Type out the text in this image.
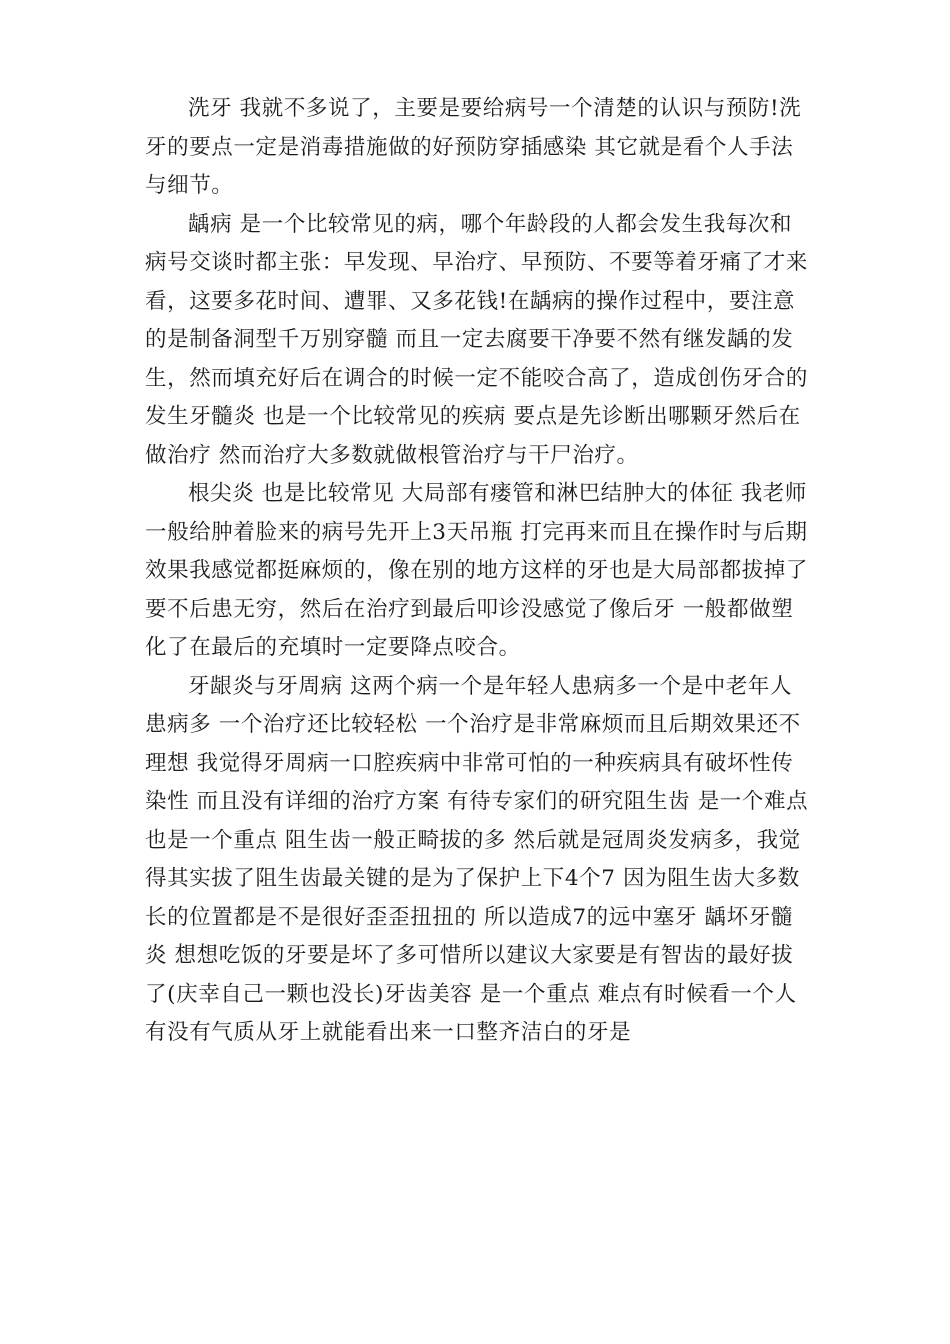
洗牙 我就不多说了，主要是要给病号一个清楚的认识与预防!洗牙的要点一定是消毒措施做的好预防穿插感染 其它就是看个人手法与细节。

龋病 是一个比较常见的病，哪个年龄段的人都会发生我每次和病号交谈时都主张：早发现、早治疗、早预防、不要等着牙痛了才来看，这要多花时间、遭罪、又多花钱!在龋病的操作过程中，要注意的是制备洞型千万别穿髓 而且一定去腐要干净要不然有继发龋的发生，然而填充好后在调合的时候一定不能咬合高了，造成创伤牙合的发生牙髓炎 也是一个比较常见的疾病 要点是先诊断出哪颗牙然后在做治疗 然而治疗大多数就做根管治疗与干尸治疗。

根尖炎 也是比较常见 大局部有瘘管和淋巴结肿大的体征 我老师一般给肿着脸来的病号先开上3天吊瓶 打完再来而且在操作时与后期效果我感觉都挺麻烦的，像在别的地方这样的牙也是大局部都拔掉了 要不后患无穷，然后在治疗到最后叩诊没感觉了像后牙 一般都做塑化了在最后的充填时一定要降点咬合。

牙龈炎与牙周病 这两个病一个是年轻人患病多一个是中老年人患病多 一个治疗还比较轻松 一个治疗是非常麻烦而且后期效果还不理想 我觉得牙周病一口腔疾病中非常可怕的一种疾病具有破坏性传染性 而且没有详细的治疗方案 有待专家们的研究阻生齿 是一个难点也是一个重点 阻生齿一般正畸拔的多 然后就是冠周炎发病多，我觉得其实拔了阻生齿最关键的是为了保护上下4个7 因为阻生齿大多数长的位置都是不是很好歪歪扭扭的 所以造成7的远中塞牙 龋坏牙髓炎 想想吃饭的牙要是坏了多可惜所以建议大家要是有智齿的最好拔了(庆幸自己一颗也没长)牙齿美容 是一个重点 难点有时候看一个人有没有气质从牙上就能看出来一口整齐洁白的牙是
